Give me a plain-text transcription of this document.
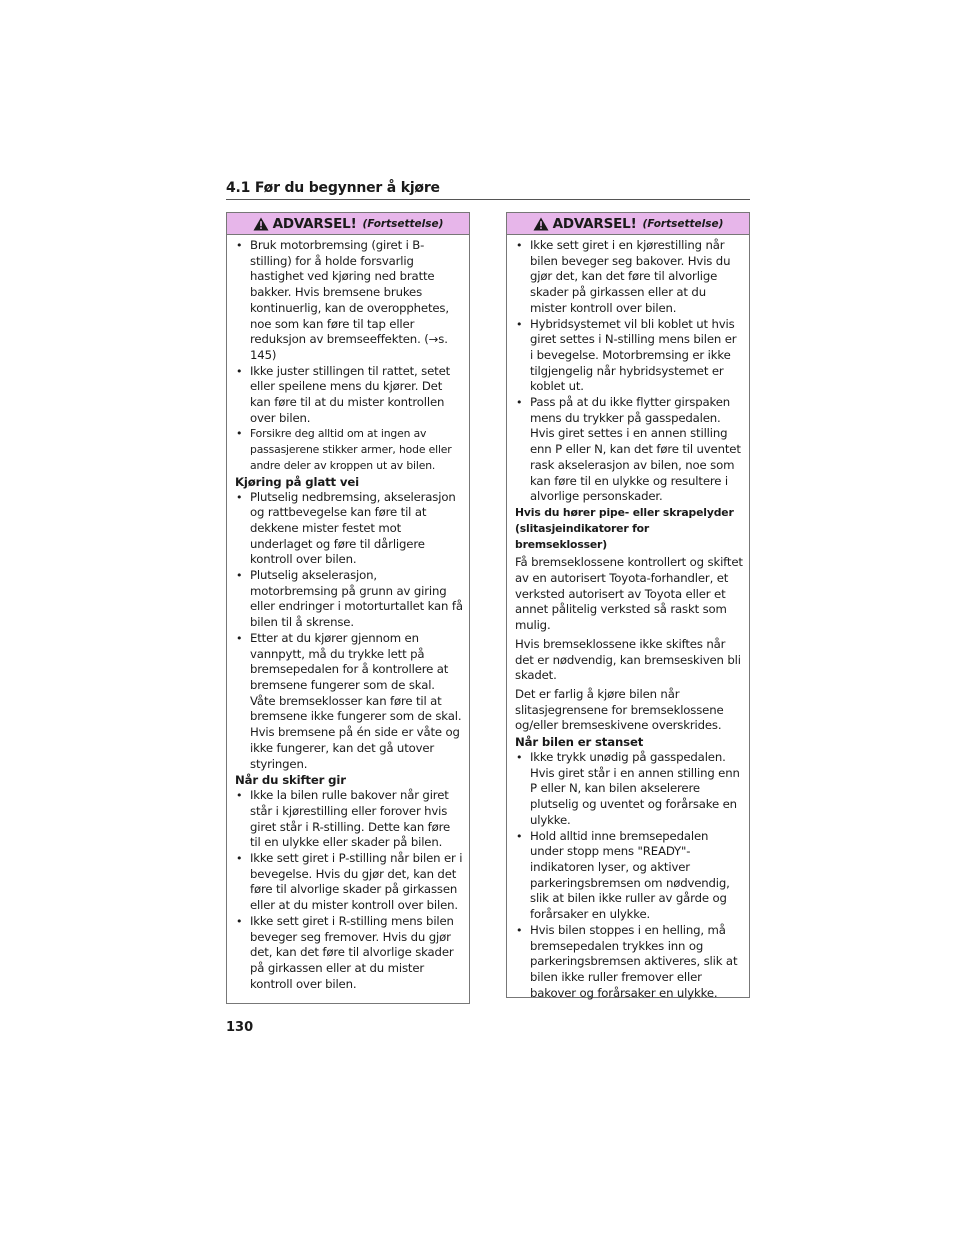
4.1 Før du begynner å kjøre
ADVARSEL! (Fortsettelse)
• Bruk motorbremsing (giret i B-stilling) for å holde forsvarlig hastighet ved kjøring ned bratte bakker. Hvis bremsene brukes kontinuerlig, kan de overopphetes, noe som kan føre til tap eller reduksjon av bremseeffekten. (→s. 145)
• Ikke juster stillingen til rattet, setet eller speilene mens du kjører. Det kan føre til at du mister kontrollen over bilen.
• Forsikre deg alltid om at ingen av passasjerene stikker armer, hode eller andre deler av kroppen ut av bilen.
Kjøring på glatt vei
• Plutselig nedbremsing, akselerasjon og rattbevegelse kan føre til at dekkene mister festet mot underlaget og føre til dårligere kontroll over bilen.
• Plutselig akselerasjon, motorbremsing på grunn av giring eller endringer i motorturtallet kan få bilen til å skrense.
• Etter at du kjører gjennom en vannpytt, må du trykke lett på bremsepedalen for å kontrollere at bremsene fungerer som de skal. Våte bremseklosser kan føre til at bremsene ikke fungerer som de skal. Hvis bremsene på én side er våte og ikke fungerer, kan det gå utover styringen.
Når du skifter gir
• Ikke la bilen rulle bakover når giret står i kjørestilling eller forover hvis giret står i R-stilling. Dette kan føre til en ulykke eller skader på bilen.
• Ikke sett giret i P-stilling når bilen er i bevegelse. Hvis du gjør det, kan det føre til alvorlige skader på girkassen eller at du mister kontroll over bilen.
• Ikke sett giret i R-stilling mens bilen beveger seg fremover. Hvis du gjør det, kan det føre til alvorlige skader på girkassen eller at du mister kontroll over bilen.
ADVARSEL! (Fortsettelse)
• Ikke sett giret i en kjørestilling når bilen beveger seg bakover. Hvis du gjør det, kan det føre til alvorlige skader på girkassen eller at du mister kontroll over bilen.
• Hybridsystemet vil bli koblet ut hvis giret settes i N-stilling mens bilen er i bevegelse. Motorbremsing er ikke tilgjengelig når hybridsystemet er koblet ut.
• Pass på at du ikke flytter girspaken mens du trykker på gasspedalen. Hvis giret settes i en annen stilling enn P eller N, kan det føre til uventet rask akselerasjon av bilen, noe som kan føre til en ulykke og resultere i alvorlige personskader.
Hvis du hører pipe- eller skrapelyder (slitasjeindikatorer for bremseklosser)
Få bremseklossene kontrollert og skiftet av en autorisert Toyota-forhandler, et verksted autorisert av Toyota eller et annet pålitelig verksted så raskt som mulig.
Hvis bremseklossene ikke skiftes når det er nødvendig, kan bremseskiven bli skadet.
Det er farlig å kjøre bilen når slitasjegrensene for bremseklossene og/eller bremseskivene overskrides.
Når bilen er stanset
• Ikke trykk unødig på gasspedalen. Hvis giret står i en annen stilling enn P eller N, kan bilen akselerere plutselig og uventet og forårsake en ulykke.
• Hold alltid inne bremsepedalen under stopp mens "READY"-indikatoren lyser, og aktiver parkeringsbremsen om nødvendig, slik at bilen ikke ruller av gårde og forårsaker en ulykke.
• Hvis bilen stoppes i en helling, må bremsepedalen trykkes inn og parkeringsbremsen aktiveres, slik at bilen ikke ruller fremover eller bakover og forårsaker en ulykke.
130
